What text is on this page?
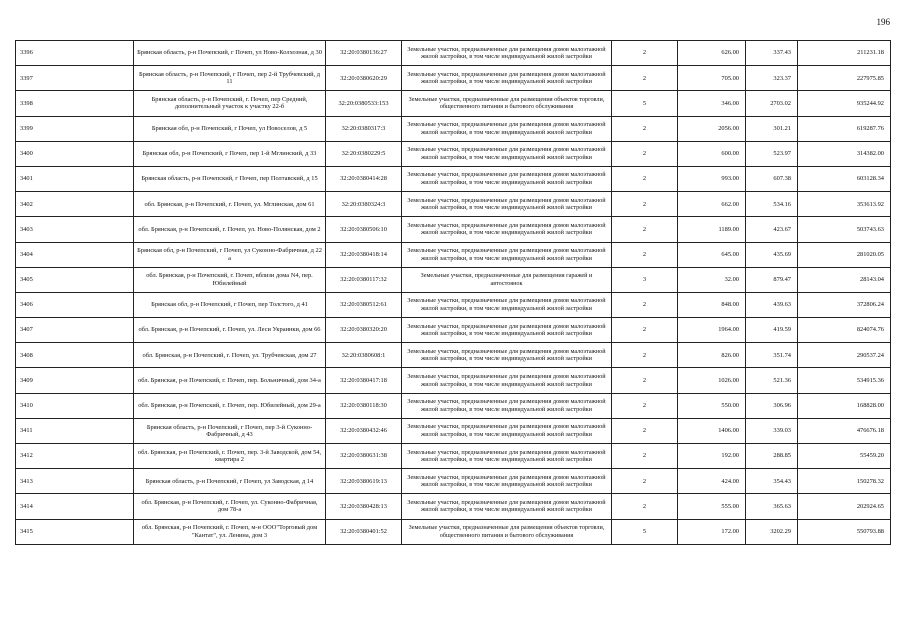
196
3396	Брянская область, р-н Почепский, г Почеп, ул Ново-Колхозная, д 30	32:20:0380136:27	Земельные участки, предназначенные для размещения домов малоэтажной жилой застройки, в том числе индивидуальной жилой застройки	2	626.00	337.43	211231.18
3397	Брянская область, р-н Почепский, г Почеп, пер 2-й Трубчевский, д 11	32:20:0380620:29	Земельные участки, предназначенные для размещения домов малоэтажной жилой застройки, в том числе индивидуальной жилой застройки	2	705.00	323.37	227975.85
3398	Брянская область, р-н Почепский, г. Почеп, пер Средний, дополнительный участок к участку 22-б	32:20:0380533:153	Земельные участки, предназначенные для размещения объектов торговли, общественного питания и бытового обслуживания	5	346.00	2703.02	935244.92
3399	Брянская обл, р-н Почепский, г Почеп, ул Новоселов, д 5	32:20:0380317:3	Земельные участки, предназначенные для размещения домов малоэтажной жилой застройки, в том числе индивидуальной жилой застройки	2	2056.00	301.21	619287.76
3400	Брянская обл, р-н Почепский, г Почеп, пер 1-й Мглинский, д 33	32:20:0380229:5	Земельные участки, предназначенные для размещения домов малоэтажной жилой застройки, в том числе индивидуальной жилой застройки	2	600.00	523.97	314382.00
3401	Брянская область, р-н Почепский, г Почеп, пер Полтавский, д 15	32:20:0380414:28	Земельные участки, предназначенные для размещения домов малоэтажной жилой застройки, в том числе индивидуальной жилой застройки	2	993.00	607.38	603128.34
3402	обл. Брянская, р-н Почепский, г. Почеп, ул. Мглинская, дом 61	32:20:0380324:3	Земельные участки, предназначенные для размещения домов малоэтажной жилой застройки, в том числе индивидуальной жилой застройки	2	662.00	534.16	353613.92
3403	обл. Брянская, р-н Почепский, г. Почеп, ул. Ново-Полянская, дом 2	32:20:0380506:10	Земельные участки, предназначенные для размещения домов малоэтажной жилой застройки, в том числе индивидуальной жилой застройки	2	1189.00	423.67	503743.63
3404	Брянская обл, р-н Почепский, г Почеп, ул Суконно-Фабричная, д 22 а	32:20:0380418:14	Земельные участки, предназначенные для размещения домов малоэтажной жилой застройки, в том числе индивидуальной жилой застройки	2	645.00	435.69	281020.05
3405	обл. Брянская, р-н Почепский, г. Почеп, вблизи дома N4, пер. Юбилейный	32:20:0380117:32	Земельные участки, предназначенные для размещения гаражей и автостоянок	3	32.00	879.47	28143.04
3406	Брянская обл, р-н Почепский, г Почеп, пер Толстого, д 41	32:20:0380512:61	Земельные участки, предназначенные для размещения домов малоэтажной жилой застройки, в том числе индивидуальной жилой застройки	2	848.00	439.63	372806.24
3407	обл. Брянская, р-н Почепский, г. Почеп, ул. Леси Украинки, дом 66	32:20:0380320:20	Земельные участки, предназначенные для размещения домов малоэтажной жилой застройки, в том числе индивидуальной жилой застройки	2	1964.00	419.59	824074.76
3408	обл. Брянская, р-н Почепский, г. Почеп, ул. Трубчевская, дом 27	32:20:0380608:1	Земельные участки, предназначенные для размещения домов малоэтажной жилой застройки, в том числе индивидуальной жилой застройки	2	826.00	351.74	290537.24
3409	обл. Брянская, р-н Почепский, г. Почеп, пер. Больничный, дом 34-а	32:20:0380417:18	Земельные участки, предназначенные для размещения домов малоэтажной жилой застройки, в том числе индивидуальной жилой застройки	2	1026.00	521.36	534915.36
3410	обл. Брянская, р-н Почепский, г. Почеп, пер. Юбилейный, дом 29-а	32:20:0380118:30	Земельные участки, предназначенные для размещения домов малоэтажной жилой застройки, в том числе индивидуальной жилой застройки	2	550.00	306.96	168828.00
3411	Брянская область, р-н Почепский, г Почеп, пер 3-й Суконно-Фабричный, д 43	32:20:0380432:46	Земельные участки, предназначенные для размещения домов малоэтажной жилой застройки, в том числе индивидуальной жилой застройки	2	1406.00	339.03	476676.18
3412	обл. Брянская, р-н Почепский, г. Почеп, пер. 3-й Заводской, дом 54, квартира 2	32:20:0380631:38	Земельные участки, предназначенные для размещения домов малоэтажной жилой застройки, в том числе индивидуальной жилой застройки	2	192.00	288.85	55459.20
3413	Брянская область, р-н Почепский, г Почеп, ул Заводская, д 14	32:20:0380619:13	Земельные участки, предназначенные для размещения домов малоэтажной жилой застройки, в том числе индивидуальной жилой застройки	2	424.00	354.43	150278.32
3414	обл. Брянская, р-н Почепский, г. Почеп, ул. Суконно-Фабричная, дом 78-а	32:20:0380428:13	Земельные участки, предназначенные для размещения домов малоэтажной жилой застройки, в том числе индивидуальной жилой застройки	2	555.00	365.63	202924.65
3415	обл. Брянская, р-н Почепский, г. Почеп, м-н ООО"Торговый дом "Кантат", ул. Ленина, дом 3	32:20:0380401:52	Земельные участки, предназначенные для размещения объектов торговли, общественного питания и бытового обслуживания	5	172.00	3202.29	550793.88
